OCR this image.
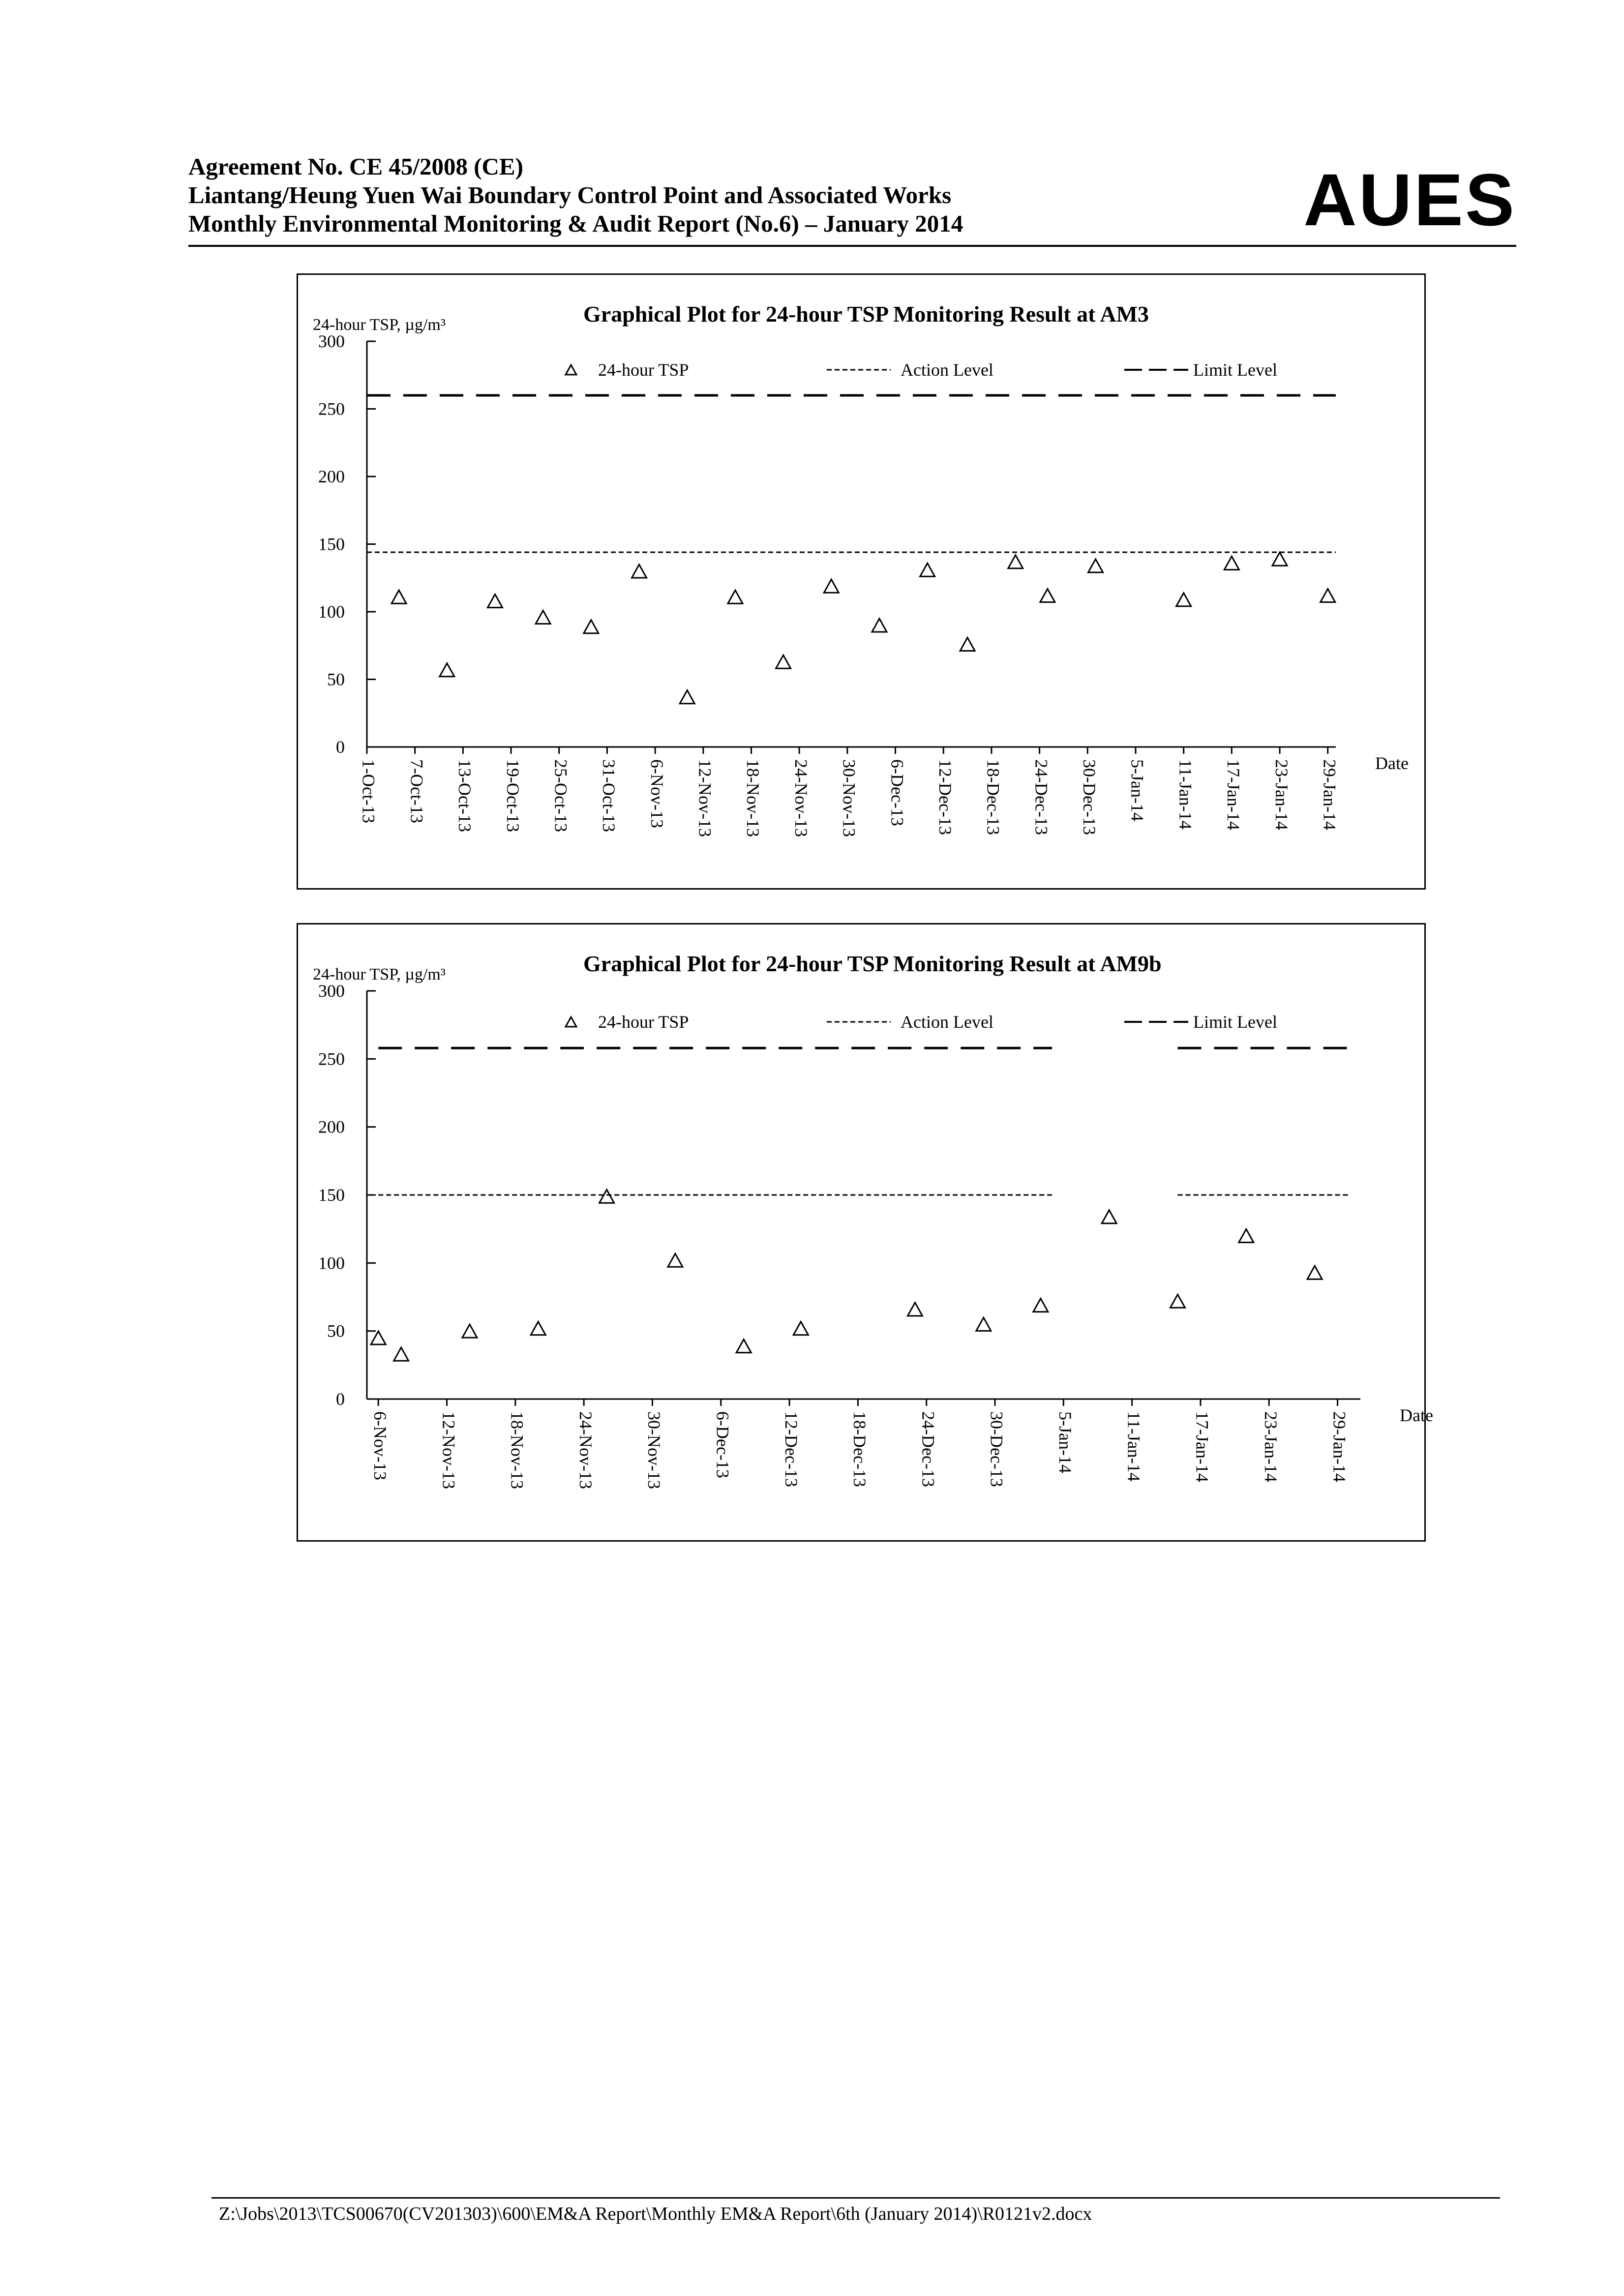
Agreement No. CE 45/2008 (CE)
Liantang/Heung Yuen Wai Boundary Control Point and Associated Works
Monthly Environmental Monitoring & Audit Report (No.6) – January 2014	AUES
Graphical Plot for 24-hour TSP Monitoring Result at AM3
24-hour TSP, µg/m³
0
50
100
150
200
250
300
1-Oct-13 7-Oct-13 13-Oct-13 19-Oct-13 25-Oct-13 31-Oct-13 6-Nov-13 12-Nov-13 18-Nov-13 24-Nov-13 30-Nov-13 6-Dec-13 12-Dec-13 18-Dec-13 24-Dec-13 30-Dec-13 5-Jan-14 11-Jan-14 17-Jan-14 23-Jan-14 29-Jan-14 Date
24-hour TSP	Action Level	Limit Level
Graphical Plot for 24-hour TSP Monitoring Result at AM9b
24-hour TSP, µg/m³
0
50
100
150
200
250
300
6-Nov-13	12-Nov-13	18-Nov-13	24-Nov-13	30-Nov-13	6-Dec-13	12-Dec-13	18-Dec-13	24-Dec-13	30-Dec-13	5-Jan-14	11-Jan-14	17-Jan-14	23-Jan-14	29-Jan-14	Date
24-hour TSP	Action Level	Limit Level
Z:\Jobs\2013\TCS00670(CV201303)\600\EM&A Report\Monthly EM&A Report\6th (January 2014)\R0121v2.docx
